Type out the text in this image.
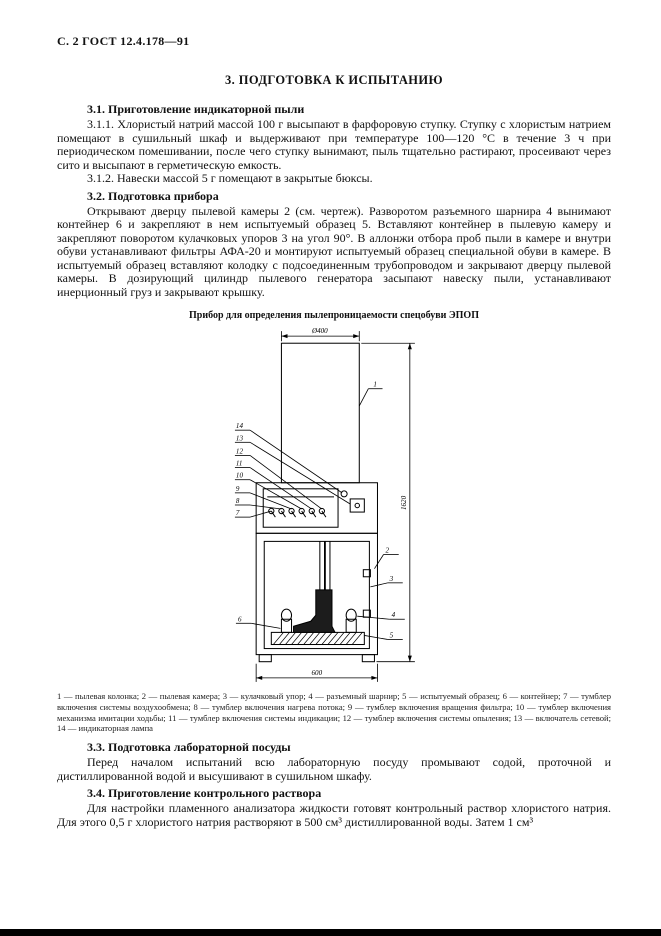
С. 2 ГОСТ 12.4.178—91
3. ПОДГОТОВКА К ИСПЫТАНИЮ
3.1. Приготовление индикаторной пыли

3.1.1. Хлористый натрий массой 100 г высыпают в фарфоровую ступку. Ступку с хлористым натрием помещают в сушильный шкаф и выдерживают при температуре 100—120 °С в течение 3 ч при периодическом помешивании, после чего ступку вынимают, пыль тщательно растирают, просеивают через сито и высыпают в герметическую емкость.

3.1.2. Навески массой 5 г помещают в закрытые бюксы.

3.2. Подготовка прибора

Открывают дверцу пылевой камеры 2 (см. чертеж). Разворотом разъемного шарнира 4 вынимают контейнер 6 и закрепляют в нем испытуемый образец 5. Вставляют контейнер в пылевую камеру и закрепляют поворотом кулачковых упоров 3 на угол 90°. В аллонжи отбора проб пыли в камере и внутри обуви устанавливают фильтры АФА-20 и монтируют испытуемый образец специальной обуви в камере. В испытуемый образец вставляют колодку с подсоединенным трубопроводом и закрывают дверцу пылевой камеры. В дозирующий цилиндр пылевого генератора засыпают навеску пыли, устанавливают инерционный груз и закрывают крышку.

Прибор для определения пылепроницаемости спецобуви ЭПОП
Ø400
1620
600
1
14
13
12
11
10
9
8
7
2
3
4
5
6
1 — пылевая колонка; 2 — пылевая камера; 3 — кулачковый упор; 4 — разъемный шарнир; 5 — испытуемый образец; 6 — контейнер; 7 — тумблер включения системы воздухообмена; 8 — тумблер включения нагрева потока; 9 — тумблер включения вращения фильтра; 10 — тумблер включения механизма имитации ходьбы; 11 — тумблер включения системы индикации; 12 — тумблер включения системы опыления; 13 — включатель сетевой; 14 — индикаторная лампа
3.3. Подготовка лабораторной посуды

Перед началом испытаний всю лабораторную посуду промывают содой, проточной и дистиллированной водой и высушивают в сушильном шкафу.

3.4. Приготовление контрольного раствора

Для настройки пламенного анализатора жидкости готовят контрольный раствор хлористого натрия. Для этого 0,5 г хлористого натрия растворяют в 500 см³ дистиллированной воды. Затем 1 см³
